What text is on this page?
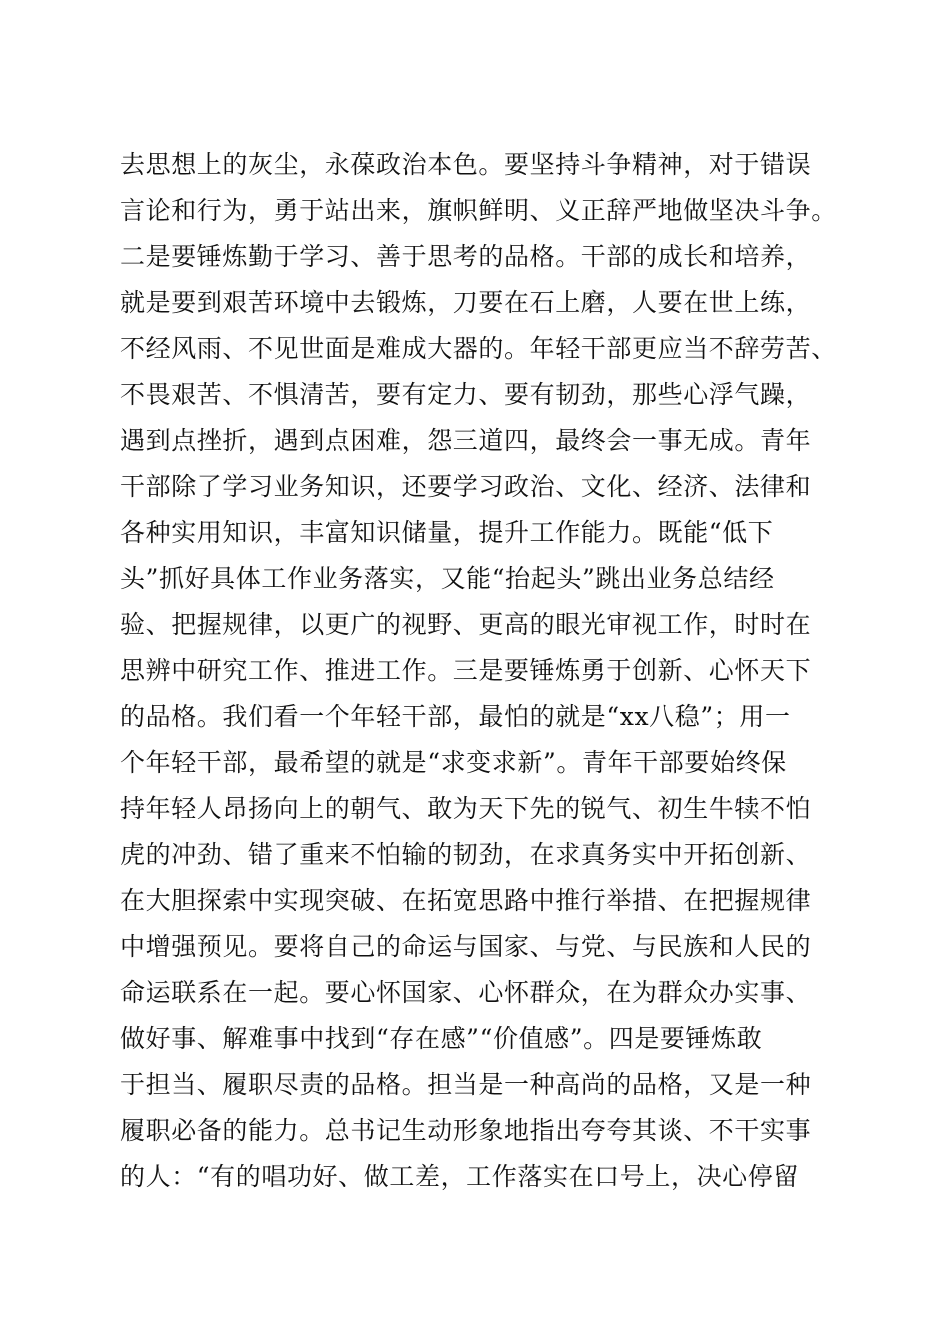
去思想上的灰尘，永葆政治本色。要坚持斗争精神，对于错误
言论和行为，勇于站出来，旗帜鲜明、义正辞严地做坚决斗争。
二是要锤炼勤于学习、善于思考的品格。干部的成长和培养，
就是要到艰苦环境中去锻炼，刀要在石上磨，人要在世上练，
不经风雨、不见世面是难成大器的。年轻干部更应当不辞劳苦、
不畏艰苦、不惧清苦，要有定力、要有韧劲，那些心浮气躁，
遇到点挫折，遇到点困难，怨三道四，最终会一事无成。青年
干部除了学习业务知识，还要学习政治、文化、经济、法律和
各种实用知识，丰富知识储量，提升工作能力。既能“低下
头”抓好具体工作业务落实，又能“抬起头”跳出业务总结经
验、把握规律，以更广的视野、更高的眼光审视工作，时时在
思辨中研究工作、推进工作。三是要锤炼勇于创新、心怀天下
的品格。我们看一个年轻干部，最怕的就是“xx八稳”；用一
个年轻干部，最希望的就是“求变求新”。青年干部要始终保
持年轻人昂扬向上的朝气、敢为天下先的锐气、初生牛犊不怕
虎的冲劲、错了重来不怕输的韧劲，在求真务实中开拓创新、
在大胆探索中实现突破、在拓宽思路中推行举措、在把握规律
中增强预见。要将自己的命运与国家、与党、与民族和人民的
命运联系在一起。要心怀国家、心怀群众，在为群众办实事、
做好事、解难事中找到“存在感”“价值感”。四是要锤炼敢
于担当、履职尽责的品格。担当是一种高尚的品格，又是一种
履职必备的能力。总书记生动形象地指出夸夸其谈、不干实事
的人：“有的唱功好、做工差，工作落实在口号上，决心停留
